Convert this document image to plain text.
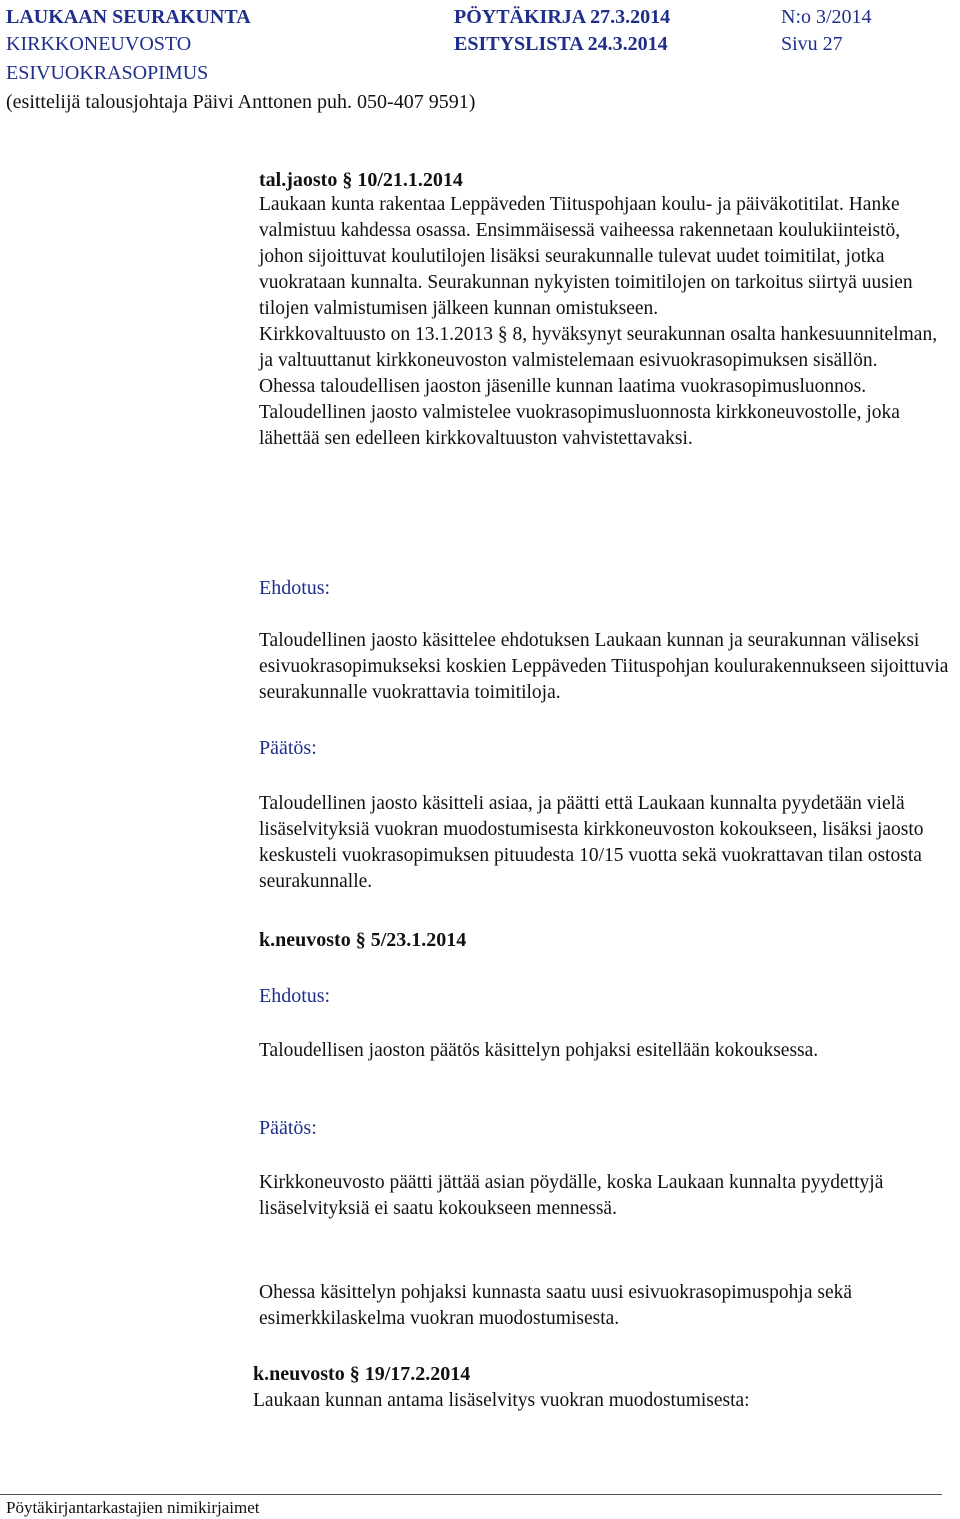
LAUKAAN SEURAKUNTA	PÖYTÄKIRJA 27.3.2014	N:o 3/2014
KIRKKONEUVOSTO	ESITYSLISTA 24.3.2014	Sivu 27
ESIVUOKRASOPIMUS
(esittelijä talousjohtaja Päivi Anttonen puh. 050-407 9591)
tal.jaosto § 10/21.1.2014

Laukaan kunta rakentaa Leppäveden Tiituspohjaan koulu- ja päiväkotitilat. Hanke valmistuu kahdessa osassa. Ensimmäisessä vaiheessa rakennetaan koulukiinteistö, johon sijoittuvat koulutilojen lisäksi seurakunnalle tulevat uudet toimitilat, jotka vuokrataan kunnalta. Seurakunnan nykyisten toimitilojen on tarkoitus siirtyä uusien tilojen valmistumisen jälkeen kunnan omistukseen.

Kirkkovaltuusto on 13.1.2013 § 8, hyväksynyt seurakunnan osalta hankesuunnitelman, ja valtuuttanut kirkkoneuvoston valmistelemaan esivuokrasopimuksen sisällön.

Ohessa taloudellisen jaoston jäsenille kunnan laatima vuokrasopimusluonnos. Taloudellinen jaosto valmistelee vuokrasopimusluonnosta kirkkoneuvostolle, joka lähettää sen edelleen kirkkovaltuuston vahvistettavaksi.

Ehdotus:
Taloudellinen jaosto käsittelee ehdotuksen Laukaan kunnan ja seurakunnan väliseksi esivuokrasopimukseksi koskien Leppäveden Tiituspohjan koulurakennukseen sijoittuvia seurakunnalle vuokrattavia toimitiloja.
Päätös:
Taloudellinen jaosto käsitteli asiaa, ja päätti että Laukaan kunnalta pyydetään vielä lisäselvityksiä vuokran muodostumisesta kirkkoneuvoston kokoukseen, lisäksi jaosto keskusteli vuokrasopimuksen pituudesta 10/15 vuotta sekä vuokrattavan tilan ostosta seurakunnalle.
k.neuvosto § 5/23.1.2014
Ehdotus:
Taloudellisen jaoston päätös käsittelyn pohjaksi esitellään kokouksessa.
Päätös:
Kirkkoneuvosto päätti jättää asian pöydälle, koska Laukaan kunnalta pyydettyjä lisäselvityksiä ei saatu kokoukseen mennessä.
Ohessa käsittelyn pohjaksi kunnasta saatu uusi esivuokrasopimuspohja sekä esimerkkilaskelma vuokran muodostumisesta.
k.neuvosto § 19/17.2.2014
Laukaan kunnan antama lisäselvitys vuokran muodostumisesta:
Pöytäkirjantarkastajien nimikirjaimet
